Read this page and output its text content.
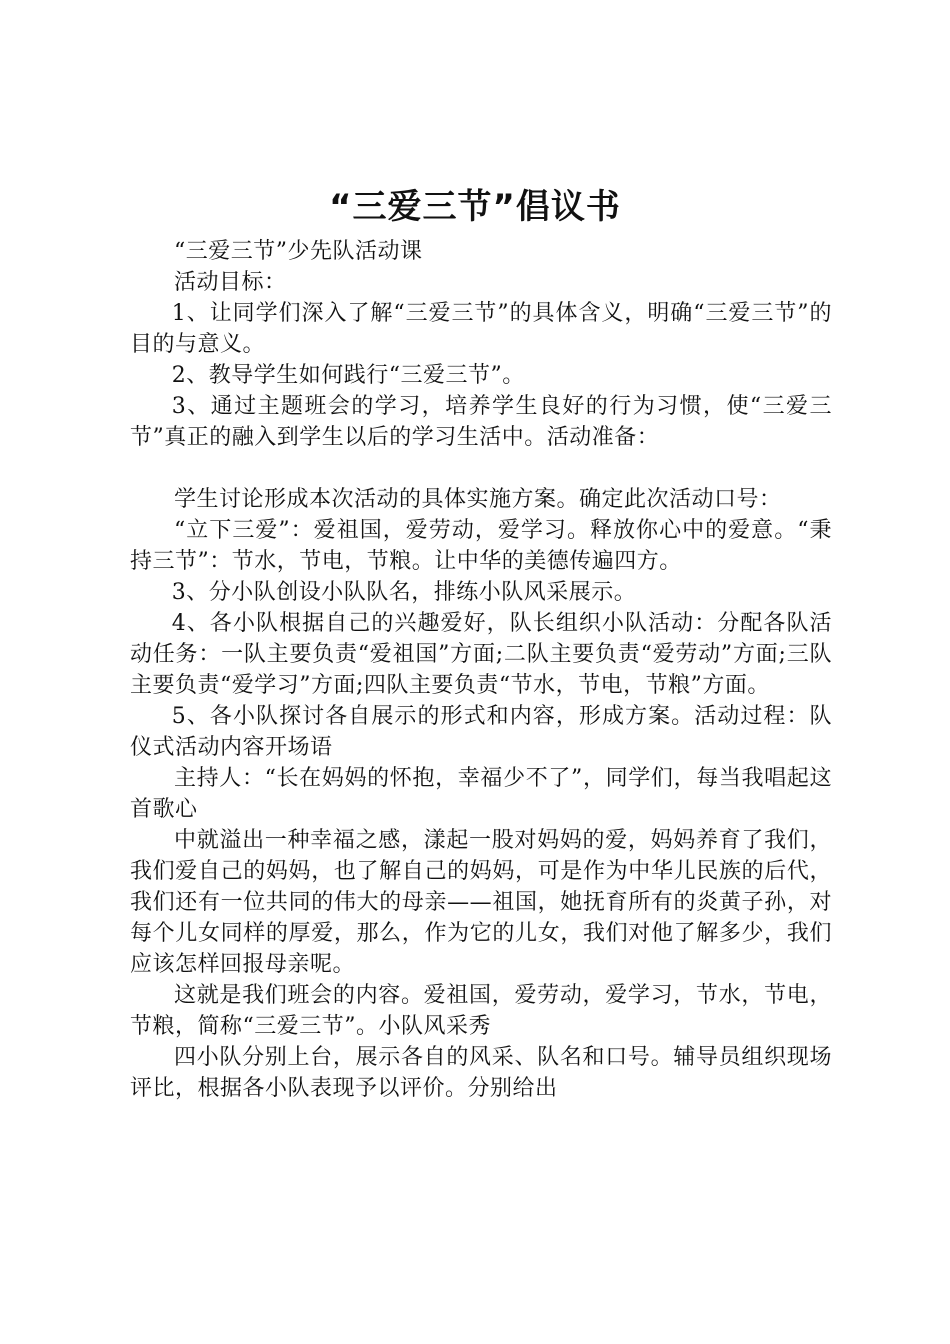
“三爱三节”倡议书

“三爱三节”少先队活动课

活动目标：

1、让同学们深入了解“三爱三节”的具体含义，明确“三爱三节”的目的与意义。

2、教导学生如何践行“三爱三节”。

3、通过主题班会的学习，培养学生良好的行为习惯，使“三爱三节”真正的融入到学生以后的学习生活中。活动准备：

学生讨论形成本次活动的具体实施方案。确定此次活动口号：

“立下三爱”：爱祖国，爱劳动，爱学习。释放你心中的爱意。“秉持三节”：节水，节电，节粮。让中华的美德传遍四方。

3、分小队创设小队队名，排练小队风采展示。

4、各小队根据自己的兴趣爱好，队长组织小队活动：分配各队活动任务：一队主要负责“爱祖国”方面;二队主要负责“爱劳动”方面;三队主要负责“爱学习”方面;四队主要负责“节水，节电，节粮”方面。

5、各小队探讨各自展示的形式和内容，形成方案。活动过程：队仪式活动内容开场语

主持人：“长在妈妈的怀抱，幸福少不了”，同学们，每当我唱起这首歌心

中就溢出一种幸福之感，漾起一股对妈妈的爱，妈妈养育了我们，我们爱自己的妈妈，也了解自己的妈妈，可是作为中华儿民族的后代，我们还有一位共同的伟大的母亲——祖国，她抚育所有的炎黄子孙，对每个儿女同样的厚爱，那么，作为它的儿女，我们对他了解多少，我们应该怎样回报母亲呢。

这就是我们班会的内容。爱祖国，爱劳动，爱学习，节水，节电，节粮，简称“三爱三节”。小队风采秀

四小队分别上台，展示各自的风采、队名和口号。辅导员组织现场评比，根据各小队表现予以评价。分别给出
